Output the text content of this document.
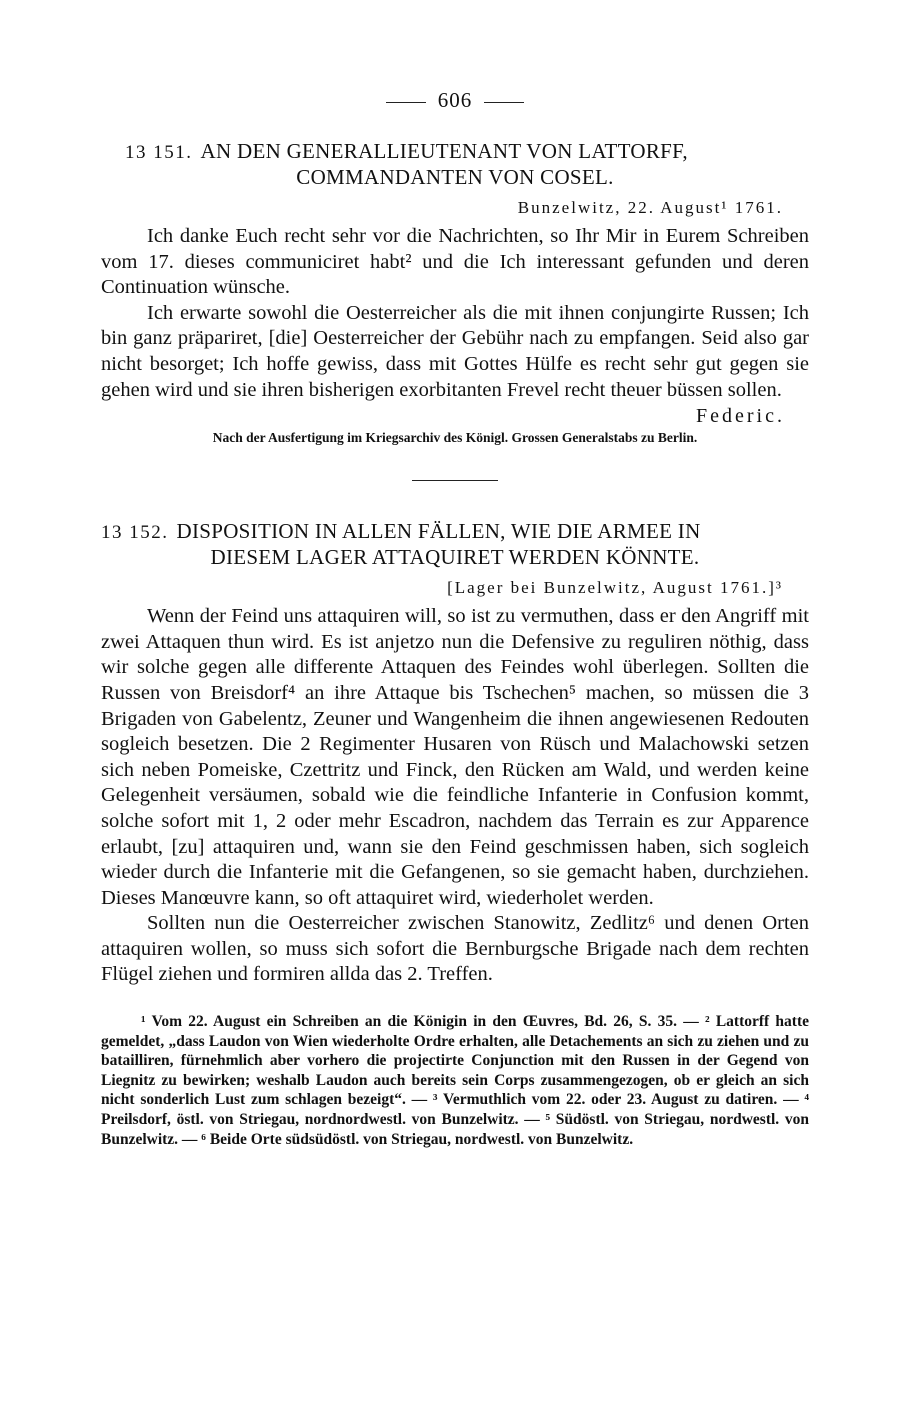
606
13 151. AN DEN GENERALLIEUTENANT VON LATTORFF,
COMMANDANTEN VON COSEL.
Bunzelwitz, 22. August¹ 1761.

Ich danke Euch recht sehr vor die Nachrichten, so Ihr Mir in Eurem Schreiben vom 17. dieses communiciret habt² und die Ich interessant gefunden und deren Continuation wünsche.

Ich erwarte sowohl die Oesterreicher als die mit ihnen conjungirte Russen; Ich bin ganz präpariret, [die] Oesterreicher der Gebühr nach zu empfangen. Seid also gar nicht besorget; Ich hoffe gewiss, dass mit Gottes Hülfe es recht sehr gut gegen sie gehen wird und sie ihren bisherigen exorbitanten Frevel recht theuer büssen sollen.

Federic.
Nach der Ausfertigung im Kriegsarchiv des Königl. Grossen Generalstabs zu Berlin.
13 152. DISPOSITION IN ALLEN FÄLLEN, WIE DIE ARMEE IN
DIESEM LAGER ATTAQUIRET WERDEN KÖNNTE.
[Lager bei Bunzelwitz, August 1761.]³

Wenn der Feind uns attaquiren will, so ist zu vermuthen, dass er den Angriff mit zwei Attaquen thun wird. Es ist anjetzo nun die Defensive zu reguliren nöthig, dass wir solche gegen alle differente Attaquen des Feindes wohl überlegen. Sollten die Russen von Breisdorf⁴ an ihre Attaque bis Tschechen⁵ machen, so müssen die 3 Brigaden von Gabelentz, Zeuner und Wangenheim die ihnen angewiesenen Redouten sogleich besetzen. Die 2 Regimenter Husaren von Rüsch und Malachowski setzen sich neben Pomeiske, Czettritz und Finck, den Rücken am Wald, und werden keine Gelegenheit versäumen, sobald wie die feindliche Infanterie in Confusion kommt, solche sofort mit 1, 2 oder mehr Escadron, nachdem das Terrain es zur Apparence erlaubt, [zu] attaquiren und, wann sie den Feind geschmissen haben, sich sogleich wieder durch die Infanterie mit die Gefangenen, so sie gemacht haben, durchziehen. Dieses Manœuvre kann, so oft attaquiret wird, wiederholet werden.

Sollten nun die Oesterreicher zwischen Stanowitz, Zedlitz⁶ und denen Orten attaquiren wollen, so muss sich sofort die Bernburgsche Brigade nach dem rechten Flügel ziehen und formiren allda das 2. Treffen.

¹ Vom 22. August ein Schreiben an die Königin in den Œuvres, Bd. 26, S. 35. — ² Lattorff hatte gemeldet, „dass Laudon von Wien wiederholte Ordre erhalten, alle Detachements an sich zu ziehen und zu batailliren, fürnehmlich aber vorhero die projectirte Conjunction mit den Russen in der Gegend von Liegnitz zu bewirken; weshalb Laudon auch bereits sein Corps zusammengezogen, ob er gleich an sich nicht sonderlich Lust zum schlagen bezeigt“. — ³ Vermuthlich vom 22. oder 23. August zu datiren. — ⁴ Preilsdorf, östl. von Striegau, nordnordwestl. von Bunzelwitz. — ⁵ Südöstl. von Striegau, nordwestl. von Bunzelwitz. — ⁶ Beide Orte südsüdöstl. von Striegau, nordwestl. von Bunzelwitz.
